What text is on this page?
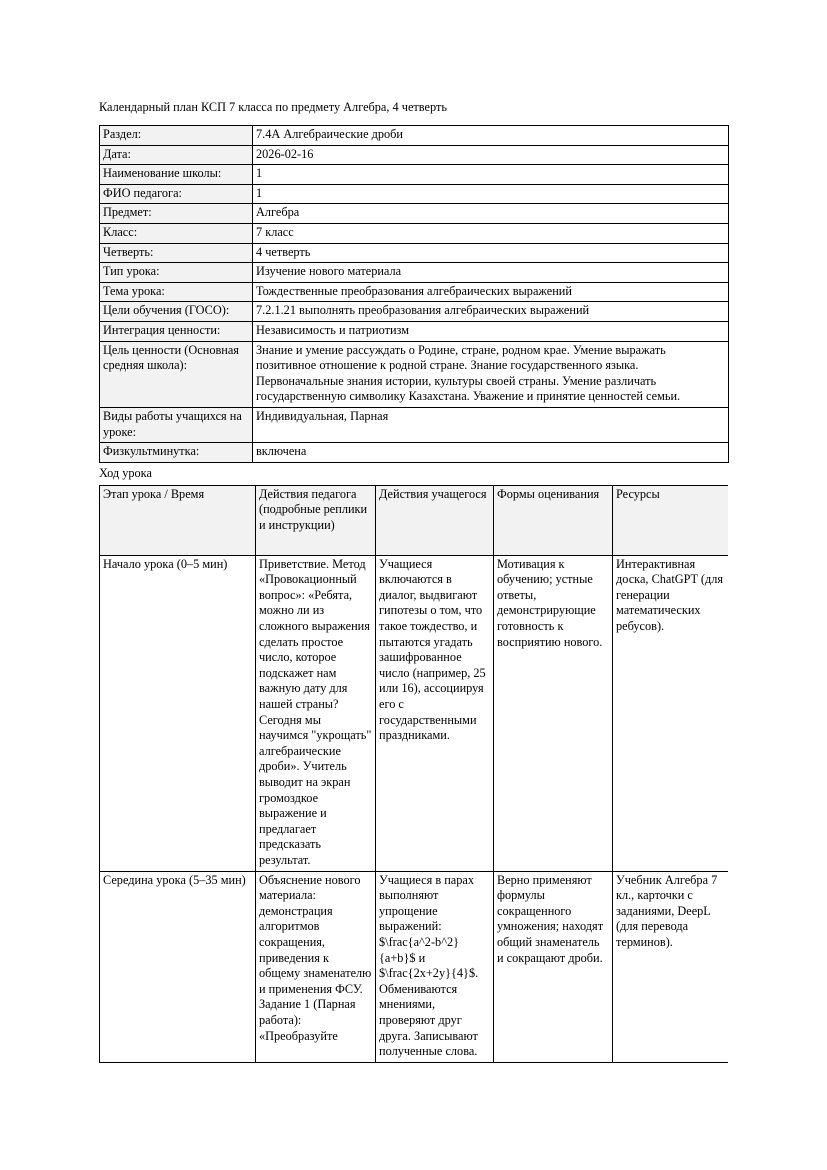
Календарный план КСП 7 класса по предмету Алгебра, 4 четверть

Раздел:	7.4А Алгебраические дроби
Дата:	2026-02-16
Наименование школы:	1
ФИО педагога:	1
Предмет:	Алгебра
Класс:	7 класс
Четверть:	4 четверть
Тип урока:	Изучение нового материала
Тема урока:	Тождественные преобразования алгебраических выражений
Цели обучения (ГОСО):	7.2.1.21 выполнять преобразования алгебраических выражений
Интеграция ценности:	Независимость и патриотизм
Цель ценности (Основная средняя школа):	Знание и умение рассуждать о Родине, стране, родном крае. Умение выражать позитивное отношение к родной стране. Знание государственного языка. Первоначальные знания истории, культуры своей страны. Умение различать государственную символику Казахстана. Уважение и принятие ценностей семьи.
Виды работы учащихся на уроке:	Индивидуальная, Парная
Физкультминутка:	включена

Ход урока

Этап урока / Время	Действия педагога (подробные реплики и инструкции)	Действия учащегося	Формы оценивания	Ресурсы
Начало урока (0–5 мин)	Приветствие. Метод «Провокационный вопрос»: «Ребята, можно ли из сложного выражения сделать простое число, которое подскажет нам важную дату для нашей страны? Сегодня мы научимся "укрощать" алгебраические дроби». Учитель выводит на экран громоздкое выражение и предлагает предсказать результат.	Учащиеся включаются в диалог, выдвигают гипотезы о том, что такое тождество, и пытаются угадать зашифрованное число (например, 25 или 16), ассоциируя его с государственными праздниками.	Мотивация к обучению; устные ответы, демонстрирующие готовность к восприятию нового.	Интерактивная доска, ChatGPT (для генерации математических ребусов).
Середина урока (5–35 мин)	Объяснение нового материала: демонстрация алгоритмов сокращения, приведения к общему знаменателю и применения ФСУ. Задание 1 (Парная работа): «Преобразуйте	Учащиеся в парах выполняют упрощение выражений: $\frac{a^2-b^2}{a+b}$ и $\frac{2x+2y}{4}$. Обмениваются мнениями, проверяют друг друга. Записывают полученные слова.	Верно применяют формулы сокращенного умножения; находят общий знаменатель и сокращают дроби.	Учебник Алгебра 7 кл., карточки с заданиями, DeepL (для перевода терминов).
